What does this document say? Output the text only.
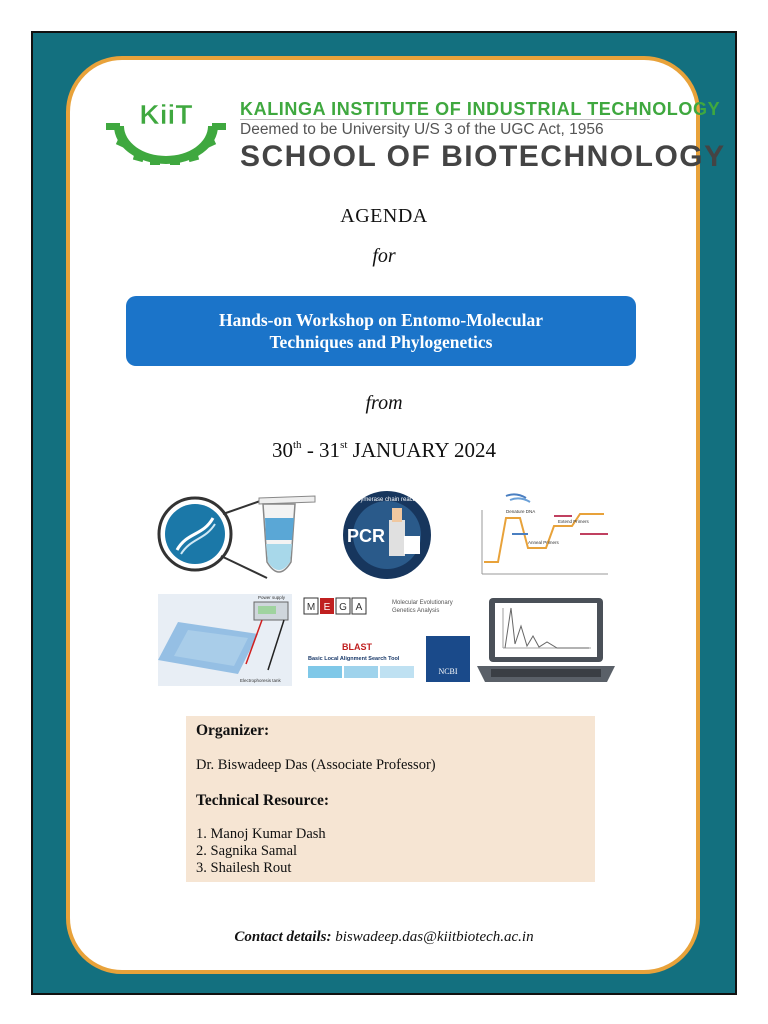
KiiT	KALINGA INSTITUTE OF INDUSTRIAL TECHNOLOGY
Deemed to be University U/S 3 of the UGC Act, 1956
SCHOOL OF BIOTECHNOLOGY
AGENDA
for
Hands-on Workshop on Entomo-Molecular
Techniques and Phylogenetics
from
30th - 31st JANUARY 2024
PCR
Polymerase chain reaction
Denature DNA
Anneal Primers
Extend Primers
Power supply
Electrophoresis tank
M E G A	Molecular Evolutionary
Genetics Analysis
BLAST
Basic Local Alignment Search Tool
NCBI
Organizer:
Dr. Biswadeep Das (Associate Professor)
Technical Resource:
1. Manoj Kumar Dash
2. Sagnika Samal
3. Shailesh Rout
Contact details: biswadeep.das@kiitbiotech.ac.in
